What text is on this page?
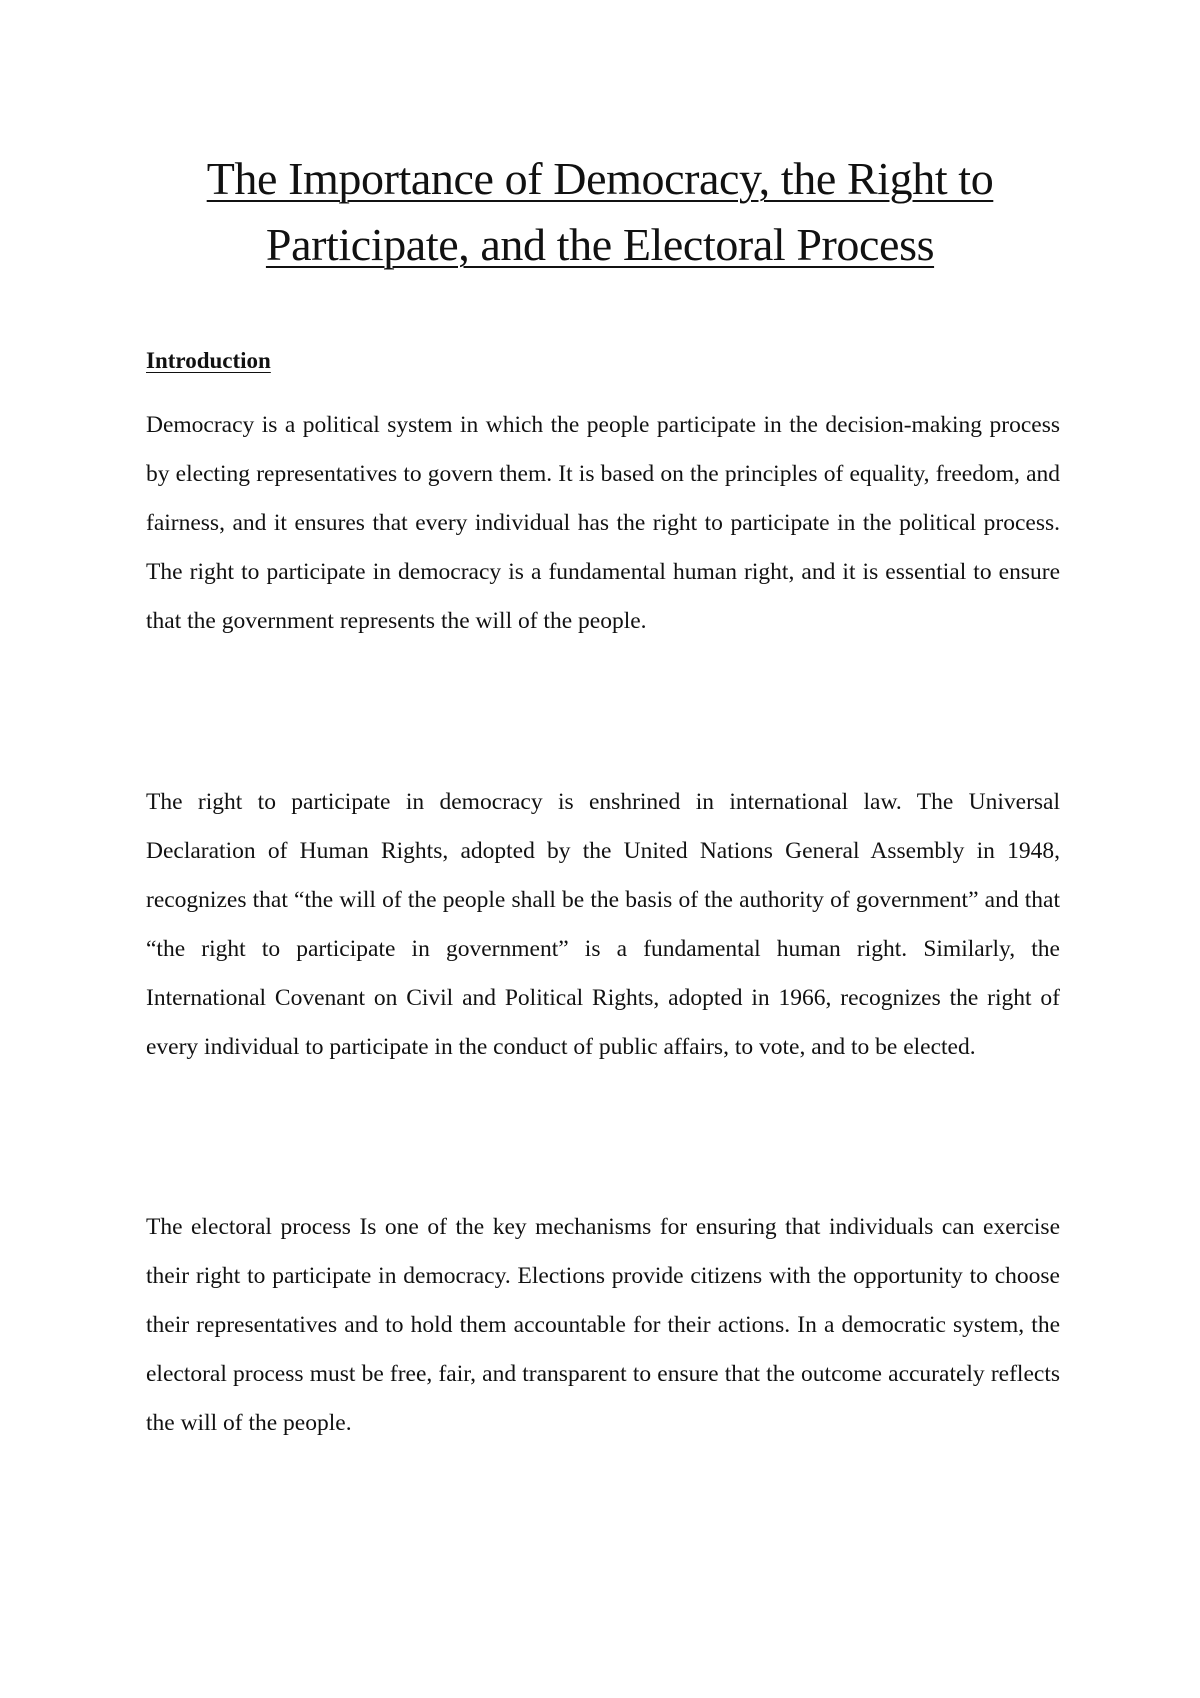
The Importance of Democracy, the Right to Participate, and the Electoral Process
Introduction

Democracy is a political system in which the people participate in the decision-making process by electing representatives to govern them. It is based on the principles of equality, freedom, and fairness, and it ensures that every individual has the right to participate in the political process. The right to participate in democracy is a fundamental human right, and it is essential to ensure that the government represents the will of the people.

The right to participate in democracy is enshrined in international law. The Universal Declaration of Human Rights, adopted by the United Nations General Assembly in 1948, recognizes that “the will of the people shall be the basis of the authority of government” and that “the right to participate in government” is a fundamental human right. Similarly, the International Covenant on Civil and Political Rights, adopted in 1966, recognizes the right of every individual to participate in the conduct of public affairs, to vote, and to be elected.

The electoral process Is one of the key mechanisms for ensuring that individuals can exercise their right to participate in democracy. Elections provide citizens with the opportunity to choose their representatives and to hold them accountable for their actions. In a democratic system, the electoral process must be free, fair, and transparent to ensure that the outcome accurately reflects the will of the people.
